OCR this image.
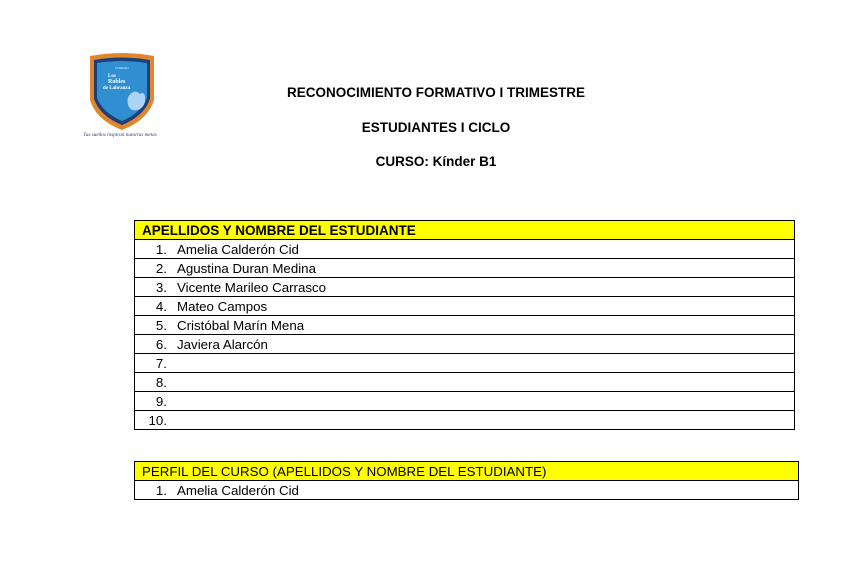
COLEGIO
Los
Robles
de Labranza
Tus sueños inspiran nuestras metas
RECONOCIMIENTO FORMATIVO I TRIMESTRE
ESTUDIANTES I CICLO
CURSO: Kínder B1
APELLIDOS Y NOMBRE DEL ESTUDIANTE
1. Amelia Calderón Cid
2. Agustina Duran Medina
3. Vicente Marileo Carrasco
4. Mateo Campos
5. Cristóbal Marín Mena
6. Javiera Alarcón
7.
8.
9.
10.
PERFIL DEL CURSO (APELLIDOS Y NOMBRE DEL ESTUDIANTE)
1. Amelia Calderón Cid
